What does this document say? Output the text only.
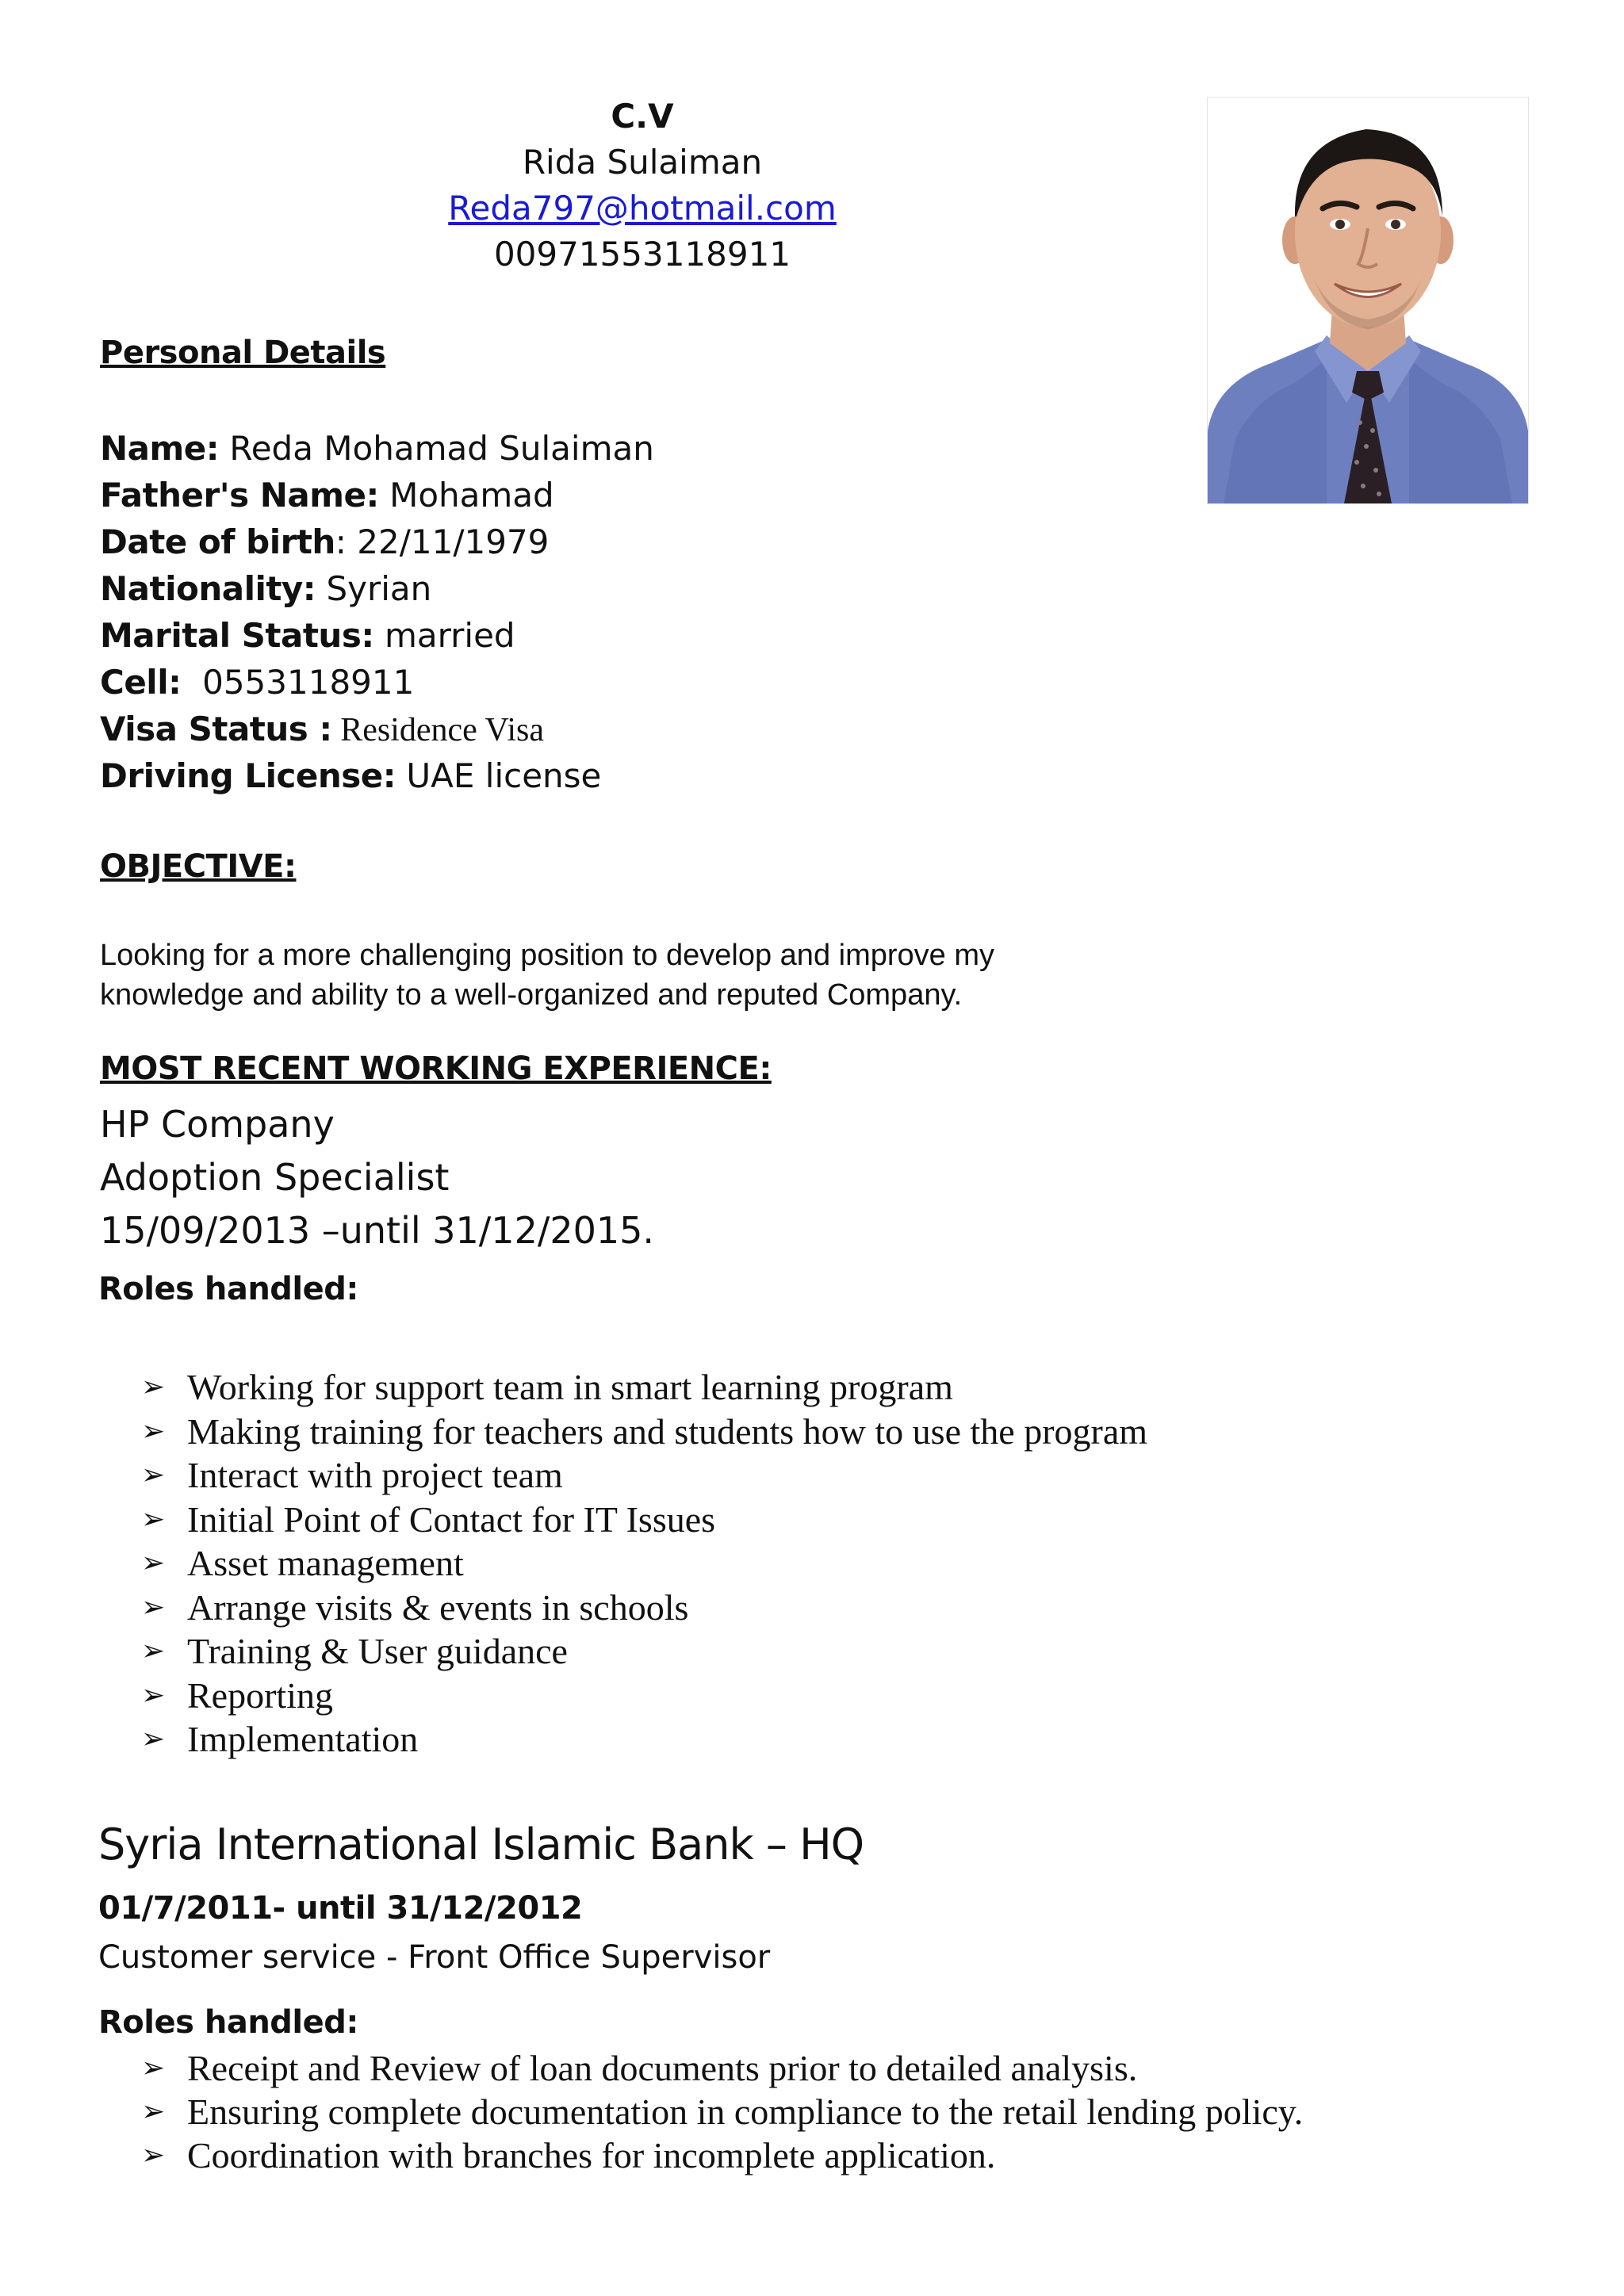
C.V
Rida Sulaiman
Reda797@hotmail.com
00971553118911
Personal Details
Name: Reda Mohamad Sulaiman
Father's Name: Mohamad
Date of birth: 22/11/1979
Nationality: Syrian
Marital Status: married
Cell:  0553118911
Visa Status : Residence Visa
Driving License: UAE license
OBJECTIVE:
Looking for a more challenging position to develop and improve my
knowledge and ability to a well-organized and reputed Company.
MOST RECENT WORKING EXPERIENCE:
HP Company
Adoption Specialist
15/09/2013 –until 31/12/2015.
Roles handled:
➢ Working for support team in smart learning program
➢ Making training for teachers and students how to use the program
➢ Interact with project team
➢ Initial Point of Contact for IT Issues
➢ Asset management
➢ Arrange visits & events in schools
➢ Training & User guidance
➢ Reporting
➢ Implementation
Syria International Islamic Bank – HQ
01/7/2011- until 31/12/2012
Customer service - Front Office Supervisor
Roles handled:
➢ Receipt and Review of loan documents prior to detailed analysis.
➢ Ensuring complete documentation in compliance to the retail lending policy.
➢ Coordination with branches for incomplete application.
